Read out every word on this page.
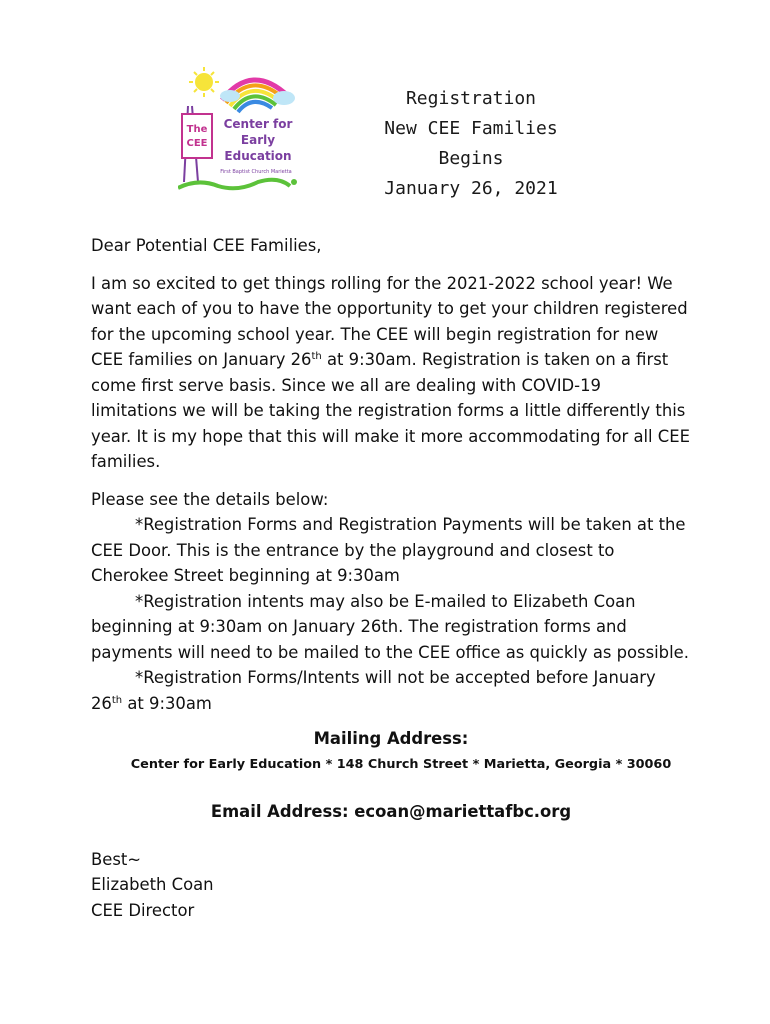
The
CEE
Center for
Early
Education
First Baptist Church Marietta
Registration
New CEE Families
Begins
January 26, 2021

Dear Potential CEE Families,

I am so excited to get things rolling for the 2021-2022 school year! We want each of you to have the opportunity to get your children registered for the upcoming school year. The CEE will begin registration for new CEE families on January 26th at 9:30am. Registration is taken on a first come first serve basis. Since we all are dealing with COVID-19 limitations we will be taking the registration forms a little differently this year. It is my hope that this will make it more accommodating for all CEE families.

Please see the details below:

*Registration Forms and Registration Payments will be taken at the CEE Door. This is the entrance by the playground and closest to Cherokee Street beginning at 9:30am

*Registration intents may also be E-mailed to Elizabeth Coan beginning at 9:30am on January 26th. The registration forms and payments will need to be mailed to the CEE office as quickly as possible.

*Registration Forms/Intents will not be accepted before January 26th at 9:30am

Mailing Address:

Center for Early Education * 148 Church Street * Marietta, Georgia * 30060

Email Address: ecoan@mariettafbc.org

Best~

Elizabeth Coan

CEE Director
